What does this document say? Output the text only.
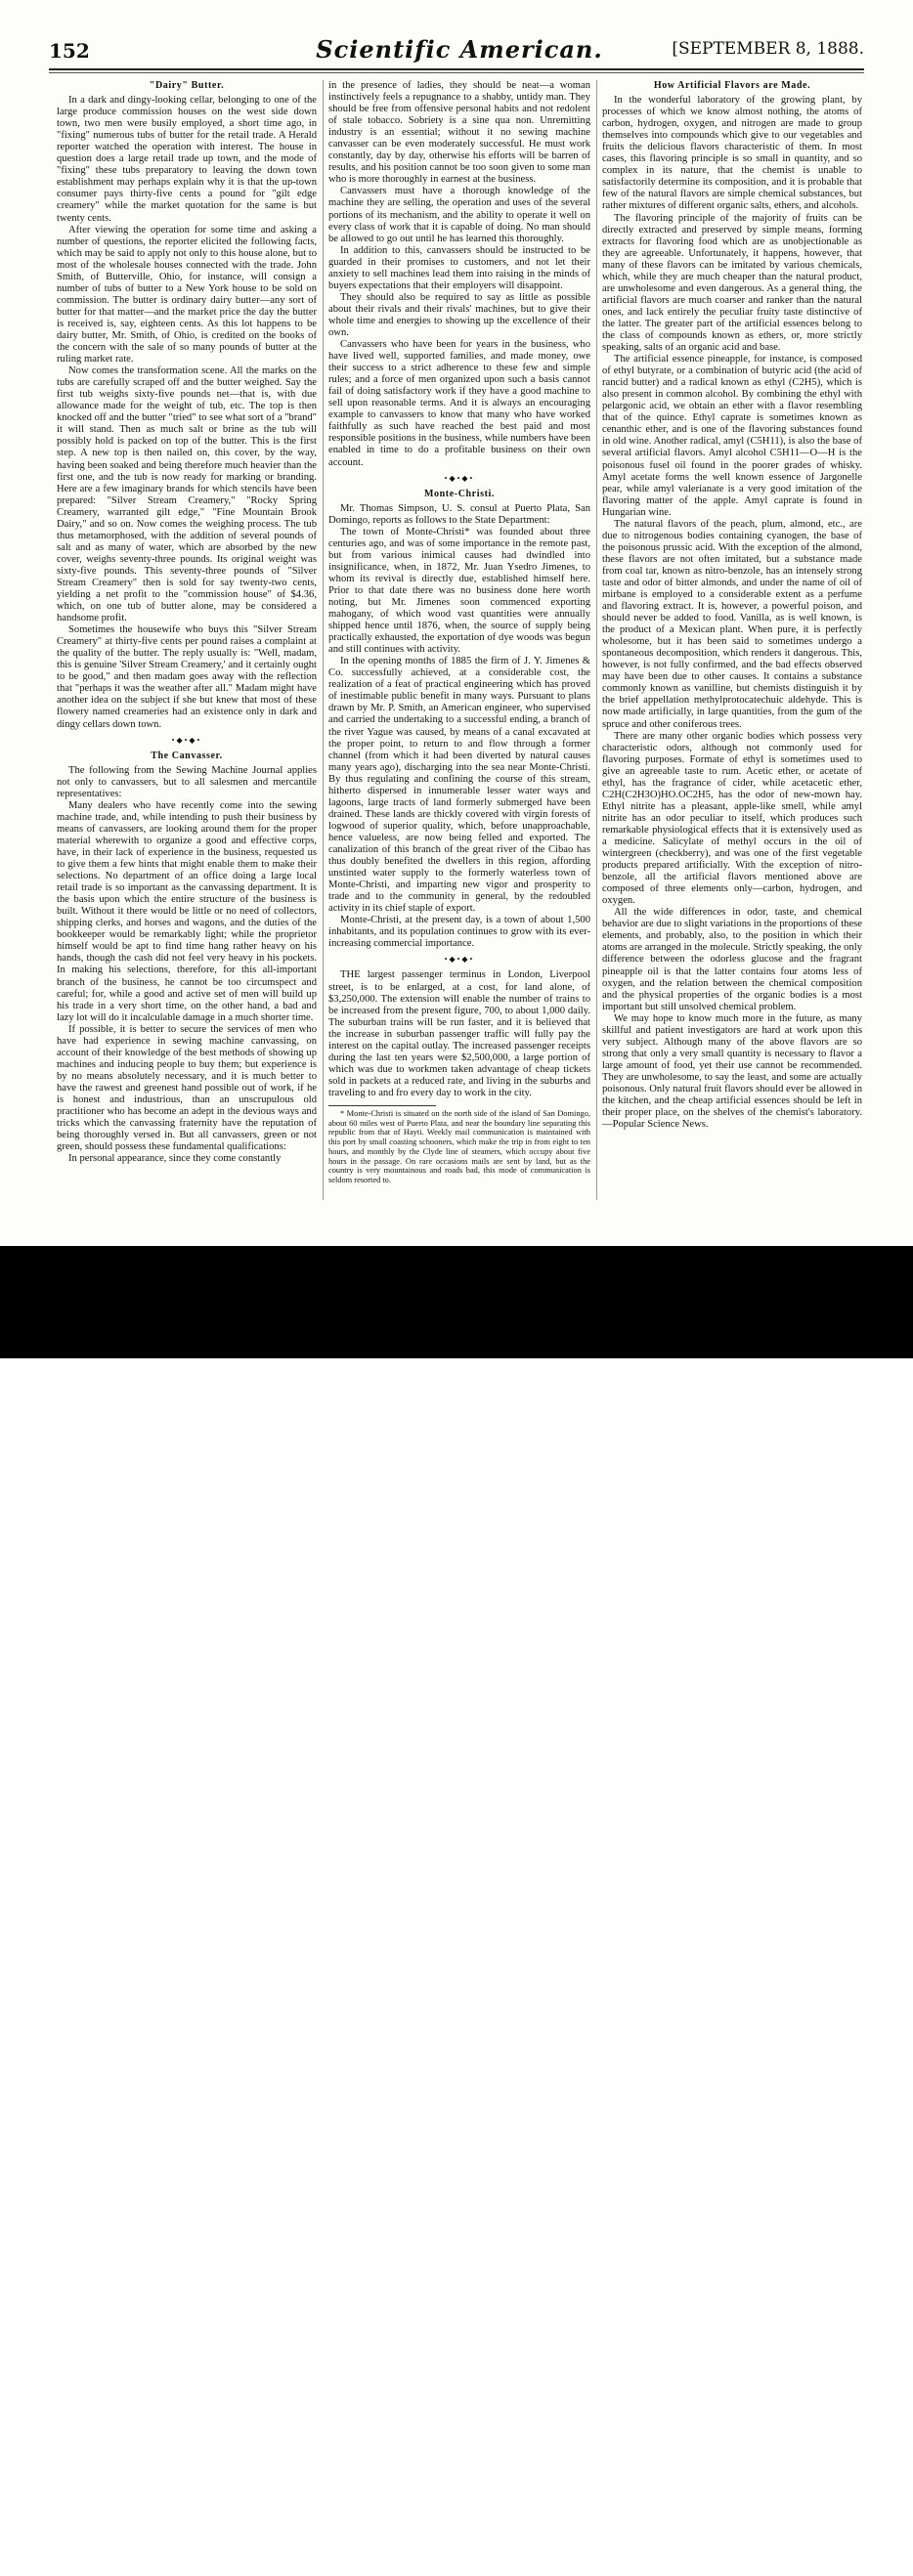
152	Scientific American.	[SEPTEMBER 8, 1888.
"Dairy" Butter.

In a dark and dingy-looking cellar, belonging to one of the large produce commission houses on the west side down town, two men were busily employed, a short time ago, in "fixing" numerous tubs of butter for the retail trade. A Herald reporter watched the operation with interest. The house in question does a large retail trade up town, and the mode of "fixing" these tubs preparatory to leaving the down town establishment may perhaps explain why it is that the up-town consumer pays thirty-five cents a pound for "gilt edge creamery" while the market quotation for the same is but twenty cents.

After viewing the operation for some time and asking a number of questions, the reporter elicited the following facts, which may be said to apply not only to this house alone, but to most of the wholesale houses connected with the trade. John Smith, of Butterville, Ohio, for instance, will consign a number of tubs of butter to a New York house to be sold on commission. The butter is ordinary dairy butter—any sort of butter for that matter—and the market price the day the butter is received is, say, eighteen cents. As this lot happens to be dairy butter, Mr. Smith, of Ohio, is credited on the books of the concern with the sale of so many pounds of butter at the ruling market rate.

Now comes the transformation scene. All the marks on the tubs are carefully scraped off and the butter weighed. Say the first tub weighs sixty-five pounds net—that is, with due allowance made for the weight of tub, etc. The top is then knocked off and the butter "tried" to see what sort of a "brand" it will stand. Then as much salt or brine as the tub will possibly hold is packed on top of the butter. This is the first step. A new top is then nailed on, this cover, by the way, having been soaked and being therefore much heavier than the first one, and the tub is now ready for marking or branding. Here are a few imaginary brands for which stencils have been prepared: "Silver Stream Creamery," "Rocky Spring Creamery, warranted gilt edge," "Fine Mountain Brook Dairy," and so on. Now comes the weighing process. The tub thus metamorphosed, with the addition of several pounds of salt and as many of water, which are absorbed by the new cover, weighs seventy-three pounds. Its original weight was sixty-five pounds. This seventy-three pounds of "Silver Stream Creamery" then is sold for say twenty-two cents, yielding a net profit to the "commission house" of $4.36, which, on one tub of butter alone, may be considered a handsome profit.

Sometimes the housewife who buys this "Silver Stream Creamery" at thirty-five cents per pound raises a complaint at the quality of the butter. The reply usually is: "Well, madam, this is genuine 'Silver Stream Creamery,' and it certainly ought to be good," and then madam goes away with the reflection that "perhaps it was the weather after all." Madam might have another idea on the subject if she but knew that most of these flowery named creameries had an existence only in dark and dingy cellars down town.

•◆•◆•
The Canvasser.

The following from the Sewing Machine Journal applies not only to canvassers, but to all salesmen and mercantile representatives:

Many dealers who have recently come into the sewing machine trade, and, while intending to push their business by means of canvassers, are looking around them for the proper material wherewith to organize a good and effective corps, have, in their lack of experience in the business, requested us to give them a few hints that might enable them to make their selections. No department of an office doing a large local retail trade is so important as the canvassing department. It is the basis upon which the entire structure of the business is built. Without it there would be little or no need of collectors, shipping clerks, and horses and wagons, and the duties of the bookkeeper would be remarkably light; while the proprietor himself would be apt to find time hang rather heavy on his hands, though the cash did not feel very heavy in his pockets. In making his selections, therefore, for this all-important branch of the business, he cannot be too circumspect and careful; for, while a good and active set of men will build up his trade in a very short time, on the other hand, a bad and lazy lot will do it incalculable damage in a much shorter time.

If possible, it is better to secure the services of men who have had experience in sewing machine canvassing, on account of their knowledge of the best methods of showing up machines and inducing people to buy them; but experience is by no means absolutely necessary, and it is much better to have the rawest and greenest hand possible out of work, if he is honest and industrious, than an unscrupulous old practitioner who has become an adept in the devious ways and tricks which the canvassing fraternity have the reputation of being thoroughly versed in. But all canvassers, green or not green, should possess these fundamental qualifications:

In personal appearance, since they come constantly

in the presence of ladies, they should be neat—a woman instinctively feels a repugnance to a shabby, untidy man. They should be free from offensive personal habits and not redolent of stale tobacco. Sobriety is a sine qua non. Unremitting industry is an essential; without it no sewing machine canvasser can be even moderately successful. He must work constantly, day by day, otherwise his efforts will be barren of results, and his position cannot be too soon given to some man who is more thoroughly in earnest at the business.

Canvassers must have a thorough knowledge of the machine they are selling, the operation and uses of the several portions of its mechanism, and the ability to operate it well on every class of work that it is capable of doing. No man should be allowed to go out until he has learned this thoroughly.

In addition to this, canvassers should be instructed to be guarded in their promises to customers, and not let their anxiety to sell machines lead them into raising in the minds of buyers expectations that their employers will disappoint.

They should also be required to say as little as possible about their rivals and their rivals' machines, but to give their whole time and energies to showing up the excellence of their own.

Canvassers who have been for years in the business, who have lived well, supported families, and made money, owe their success to a strict adherence to these few and simple rules; and a force of men organized upon such a basis cannot fail of doing satisfactory work if they have a good machine to sell upon reasonable terms. And it is always an encouraging example to canvassers to know that many who have worked faithfully as such have reached the best paid and most responsible positions in the business, while numbers have been enabled in time to do a profitable business on their own account.

•◆•◆•
Monte-Christi.

Mr. Thomas Simpson, U. S. consul at Puerto Plata, San Domingo, reports as follows to the State Department:

The town of Monte-Christi* was founded about three centuries ago, and was of some importance in the remote past, but from various inimical causes had dwindled into insignificance, when, in 1872, Mr. Juan Ysedro Jimenes, to whom its revival is directly due, established himself here. Prior to that date there was no business done here worth noting, but Mr. Jimenes soon commenced exporting mahogany, of which wood vast quantities were annually shipped hence until 1876, when, the source of supply being practically exhausted, the exportation of dye woods was begun and still continues with activity.

In the opening months of 1885 the firm of J. Y. Jimenes & Co. successfully achieved, at a considerable cost, the realization of a feat of practical engineering which has proved of inestimable public benefit in many ways. Pursuant to plans drawn by Mr. P. Smith, an American engineer, who supervised and carried the undertaking to a successful ending, a branch of the river Yague was caused, by means of a canal excavated at the proper point, to return to and flow through a former channel (from which it had been diverted by natural causes many years ago), discharging into the sea near Monte-Christi. By thus regulating and confining the course of this stream, hitherto dispersed in innumerable lesser water ways and lagoons, large tracts of land formerly submerged have been drained. These lands are thickly covered with virgin forests of logwood of superior quality, which, before unapproachable, hence valueless, are now being felled and exported. The canalization of this branch of the great river of the Cibao has thus doubly benefited the dwellers in this region, affording unstinted water supply to the formerly waterless town of Monte-Christi, and imparting new vigor and prosperity to trade and to the community in general, by the redoubled activity in its chief staple of export.

Monte-Christi, at the present day, is a town of about 1,500 inhabitants, and its population continues to grow with its ever-increasing commercial importance.

•◆•◆•

THE largest passenger terminus in London, Liverpool street, is to be enlarged, at a cost, for land alone, of $3,250,000. The extension will enable the number of trains to be increased from the present figure, 700, to about 1,000 daily. The suburban trains will be run faster, and it is believed that the increase in suburban passenger traffic will fully pay the interest on the capital outlay. The increased passenger receipts during the last ten years were $2,500,000, a large portion of which was due to workmen taken advantage of cheap tickets sold in packets at a reduced rate, and living in the suburbs and traveling to and fro every day to work in the city.

* Monte-Christi is situated on the north side of the island of San Domingo, about 60 miles west of Puerto Plata, and near the boundary line separating this republic from that of Hayti. Weekly mail communication is maintained with this port by small coasting schooners, which make the trip in from eight to ten hours, and monthly by the Clyde line of steamers, which occupy about five hours in the passage. On rare occasions mails are sent by land, but as the country is very mountainous and roads bad, this mode of communication is seldom resorted to.

How Artificial Flavors are Made.

In the wonderful laboratory of the growing plant, by processes of which we know almost nothing, the atoms of carbon, hydrogen, oxygen, and nitrogen are made to group themselves into compounds which give to our vegetables and fruits the delicious flavors characteristic of them. In most cases, this flavoring principle is so small in quantity, and so complex in its nature, that the chemist is unable to satisfactorily determine its composition, and it is probable that few of the natural flavors are simple chemical substances, but rather mixtures of different organic salts, ethers, and alcohols.

The flavoring principle of the majority of fruits can be directly extracted and preserved by simple means, forming extracts for flavoring food which are as unobjectionable as they are agreeable. Unfortunately, it happens, however, that many of these flavors can be imitated by various chemicals, which, while they are much cheaper than the natural product, are unwholesome and even dangerous. As a general thing, the artificial flavors are much coarser and ranker than the natural ones, and lack entirely the peculiar fruity taste distinctive of the latter. The greater part of the artificial essences belong to the class of compounds known as ethers, or, more strictly speaking, salts of an organic acid and base.

The artificial essence pineapple, for instance, is composed of ethyl butyrate, or a combination of butyric acid (the acid of rancid butter) and a radical known as ethyl (C2H5), which is also present in common alcohol. By combining the ethyl with pelargonic acid, we obtain an ether with a flavor resembling that of the quince. Ethyl caprate is sometimes known as cenanthic ether, and is one of the flavoring substances found in old wine. Another radical, amyl (C5H11), is also the base of several artificial flavors. Amyl alcohol C5H11—O—H is the poisonous fusel oil found in the poorer grades of whisky. Amyl acetate forms the well known essence of Jargonelle pear, while amyl valerianate is a very good imitation of the flavoring matter of the apple. Amyl caprate is found in Hungarian wine.

The natural flavors of the peach, plum, almond, etc., are due to nitrogenous bodies containing cyanogen, the base of the poisonous prussic acid. With the exception of the almond, these flavors are not often imitated, but a substance made from coal tar, known as nitro-benzole, has an intensely strong taste and odor of bitter almonds, and under the name of oil of mirbane is employed to a considerable extent as a perfume and flavoring extract. It is, however, a powerful poison, and should never be added to food. Vanilla, as is well known, is the product of a Mexican plant. When pure, it is perfectly wholesome, but it has been said to sometimes undergo a spontaneous decomposition, which renders it dangerous. This, however, is not fully confirmed, and the bad effects observed may have been due to other causes. It contains a substance commonly known as vanilline, but chemists distinguish it by the brief appellation methylprotocatechuic aldehyde. This is now made artificially, in large quantities, from the gum of the spruce and other coniferous trees.

There are many other organic bodies which possess very characteristic odors, although not commonly used for flavoring purposes. Formate of ethyl is sometimes used to give an agreeable taste to rum. Acetic ether, or acetate of ethyl, has the fragrance of cider, while acetacetic ether, C2H(C2H3O)HO.OC2H5, has the odor of new-mown hay. Ethyl nitrite has a pleasant, apple-like smell, while amyl nitrite has an odor peculiar to itself, which produces such remarkable physiological effects that it is extensively used as a medicine. Salicylate of methyl occurs in the oil of wintergreen (checkberry), and was one of the first vegetable products prepared artificially. With the exception of nitro-benzole, all the artificial flavors mentioned above are composed of three elements only—carbon, hydrogen, and oxygen.

All the wide differences in odor, taste, and chemical behavior are due to slight variations in the proportions of these elements, and probably, also, to the position in which their atoms are arranged in the molecule. Strictly speaking, the only difference between the odorless glucose and the fragrant pineapple oil is that the latter contains four atoms less of oxygen, and the relation between the chemical composition and the physical properties of the organic bodies is a most important but still unsolved chemical problem.

We may hope to know much more in the future, as many skillful and patient investigators are hard at work upon this very subject. Although many of the above flavors are so strong that only a very small quantity is necessary to flavor a large amount of food, yet their use cannot be recommended. They are unwholesome, to say the least, and some are actually poisonous. Only natural fruit flavors should ever be allowed in the kitchen, and the cheap artificial essences should be left in their proper place, on the shelves of the chemist's laboratory.—Popular Science News.

alamy
Image ID: 2ABX3P1
www.alamy.com
